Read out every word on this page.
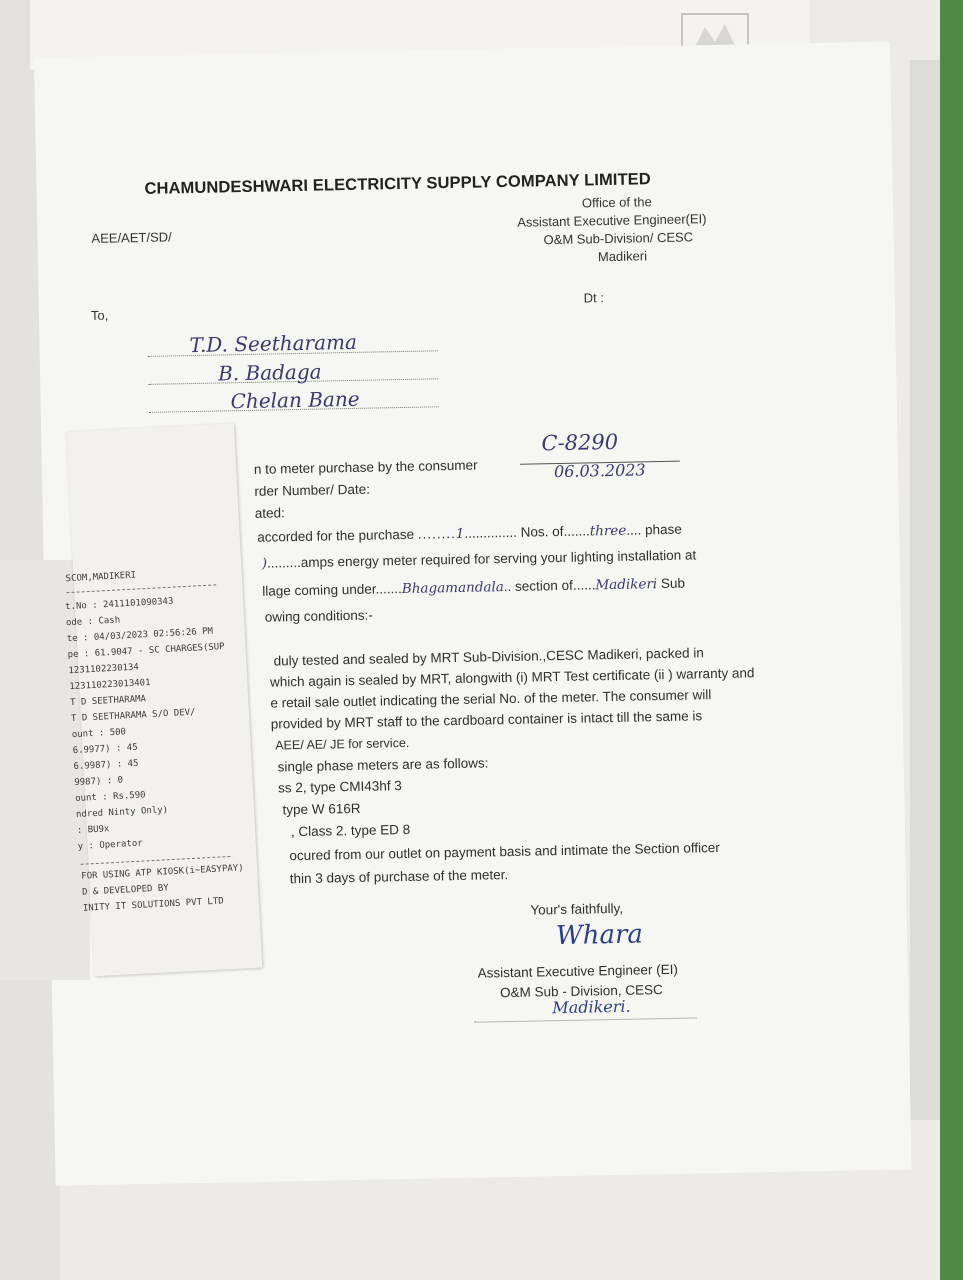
CHAMUNDESHWARI ELECTRICITY SUPPLY COMPANY LIMITED
AEE/AET/SD/
Office of the
Assistant Executive Engineer(EI)
O&M Sub-Division/ CESC
Madikeri
To,
Dt :
T.D. Seetharama
B. Badaga
Chelan Bane
C-8290
06.03.2023
n to meter purchase by the consumer
rder Number/ Date:
ated:
accorded for the purchase ........1.............. Nos. of.......three.... phase
).........amps energy meter required for serving your lighting installation at
llage coming under.......Bhagamandala.. section of......Madikeri Sub
owing conditions:-
duly tested and sealed by MRT Sub-Division.,CESC Madikeri, packed in
which again is sealed by MRT, alongwith (i) MRT Test certificate (ii ) warranty and
e retail sale outlet indicating the serial No. of the meter. The consumer will
provided by MRT staff to the cardboard container is intact till the same is
AEE/ AE/ JE for service.
single phase meters are as follows:
ss 2, type CMI43hf 3
type W 616R
, Class 2. type ED 8
ocured from our outlet on payment basis and intimate the Section officer
thin 3 days of purchase of the meter.
Your's faithfully,
Whara
Assistant Executive Engineer (EI)
O&M Sub - Division, CESC
Madikeri.
SCOM,MADIKERI
t.No : 2411101090343
ode : Cash
te : 04/03/2023 02:56:26 PM
pe : 61.9047 - SC CHARGES(SUP
1231102230134
123110223013401
T D SEETHARAMA
T D SEETHARAMA S/O DEV/
ount : 500
6.9977) : 45
6.9987) : 45
9987) : 0
ount : Rs.590
ndred Ninty Only)
: BU9x
y : Operator
FOR USING ATP KIOSK(i~EASYPAY)
D & DEVELOPED BY
INITY IT SOLUTIONS PVT LTD
